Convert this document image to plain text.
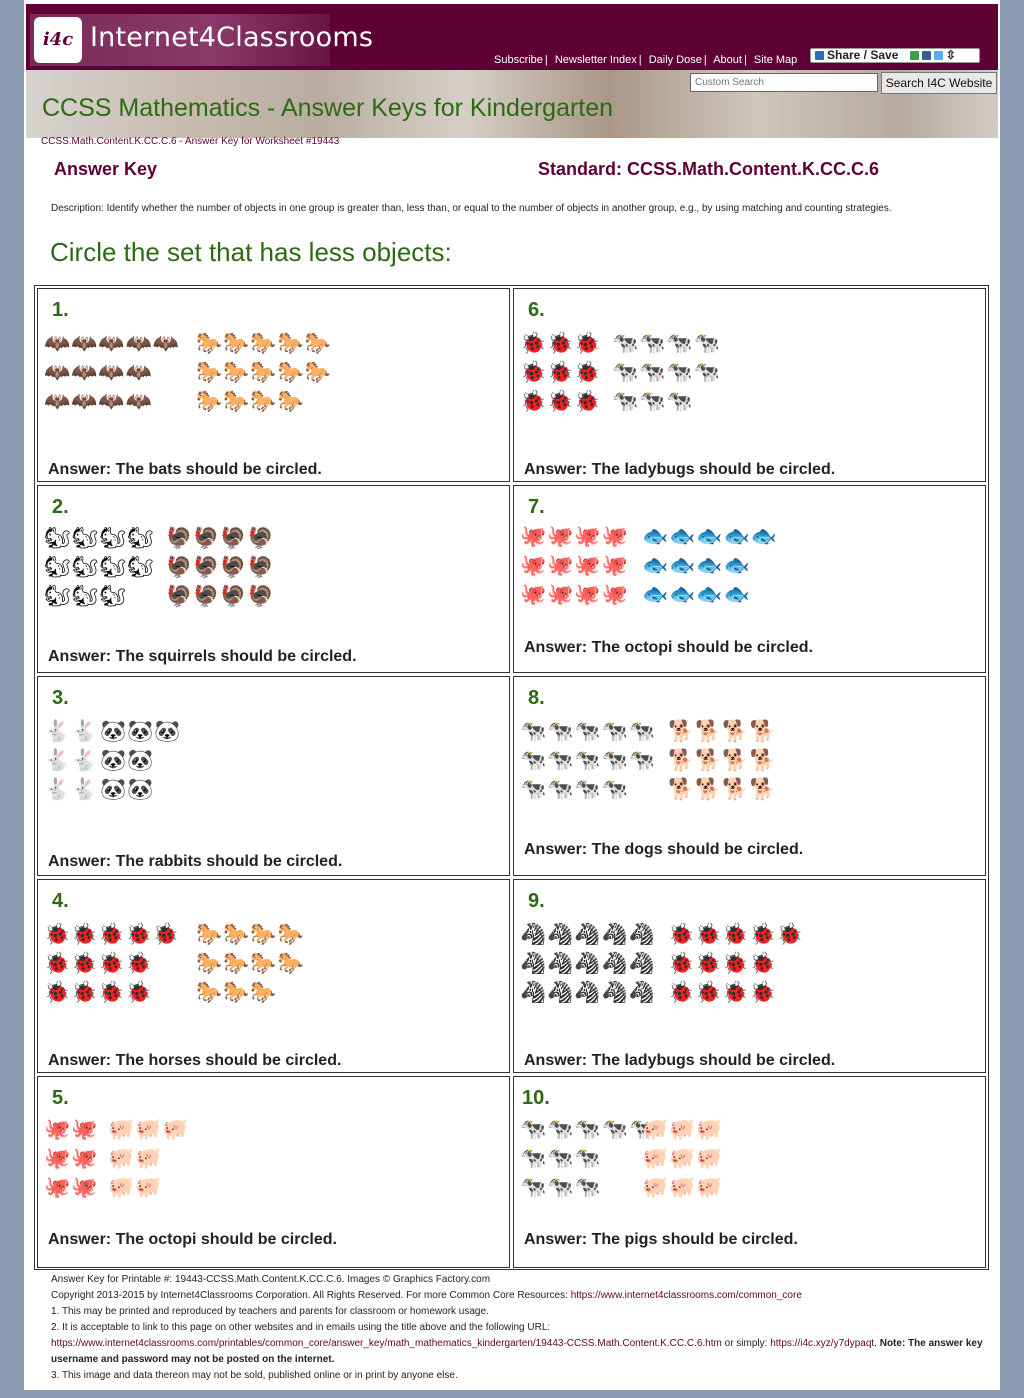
i4c Internet4Classrooms
Subscribe | Newsletter Index | Daily Dose | About | Site Map	Share / Save	⇳
CCSS Mathematics - Answer Keys for Kindergarten
Custom Search
Search I4C Website
CCSS.Math.Content.K.CC.C.6 - Answer Key for Worksheet #19443
Answer Key	Standard: CCSS.Math.Content.K.CC.C.6
Description: Identify whether the number of objects in one group is greater than, less than, or equal to the number of objects in another group, e.g., by using matching and counting strategies.
Circle the set that has less objects:
1.
🦇🦇🦇🦇🦇
🦇🦇🦇🦇
🦇🦇🦇🦇
🐎🐎🐎🐎🐎
🐎🐎🐎🐎🐎
🐎🐎🐎🐎
Answer: The bats should be circled.
2.
🐿🐿🐿🐿
🐿🐿🐿🐿
🐿🐿🐿
🦃🦃🦃🦃
🦃🦃🦃🦃
🦃🦃🦃🦃
Answer: The squirrels should be circled.
3.
🐇🐇
🐇🐇
🐇🐇
🐼🐼🐼
🐼🐼
🐼🐼
Answer: The rabbits should be circled.
4.
🐞🐞🐞🐞🐞
🐞🐞🐞🐞
🐞🐞🐞🐞
🐎🐎🐎🐎
🐎🐎🐎🐎
🐎🐎🐎
Answer: The horses should be circled.
5.
🐙🐙
🐙🐙
🐙🐙
🐖🐖🐖
🐖🐖
🐖🐖
Answer: The octopi should be circled.
6.
🐞🐞🐞
🐞🐞🐞
🐞🐞🐞
🐄🐄🐄🐄
🐄🐄🐄🐄
🐄🐄🐄
Answer: The ladybugs should be circled.
7.
🐙🐙🐙🐙
🐙🐙🐙🐙
🐙🐙🐙🐙
🐟🐟🐟🐟🐟
🐟🐟🐟🐟
🐟🐟🐟🐟
Answer: The octopi should be circled.
8.
🐄🐄🐄🐄🐄
🐄🐄🐄🐄🐄
🐄🐄🐄🐄
🐕🐕🐕🐕
🐕🐕🐕🐕
🐕🐕🐕🐕
Answer: The dogs should be circled.
9.
🦓🦓🦓🦓🦓
🦓🦓🦓🦓🦓
🦓🦓🦓🦓🦓
🐞🐞🐞🐞🐞
🐞🐞🐞🐞
🐞🐞🐞🐞
Answer: The ladybugs should be circled.
10.
🐄🐄🐄🐄🐄
🐄🐄🐄
🐄🐄🐄
🐖🐖🐖
🐖🐖🐖
🐖🐖🐖
Answer: The pigs should be circled.
Answer Key for Printable #: 19443-CCSS.Math.Content.K.CC.C.6. Images © Graphics Factory.com
Copyright 2013-2015 by Internet4Classrooms Corporation. All Rights Reserved. For more Common Core Resources: https://www.internet4classrooms.com/common_core
1. This may be printed and reproduced by teachers and parents for classroom or homework usage.
2. It is acceptable to link to this page on other websites and in emails using the title above and the following URL:
https://www.internet4classrooms.com/printables/common_core/answer_key/math_mathematics_kindergarten/19443-CCSS.Math.Content.K.CC.C.6.htm or simply: https://i4c.xyz/y7dypaqt. Note: The answer key username and password may not be posted on the internet.
3. This image and data thereon may not be sold, published online or in print by anyone else.
